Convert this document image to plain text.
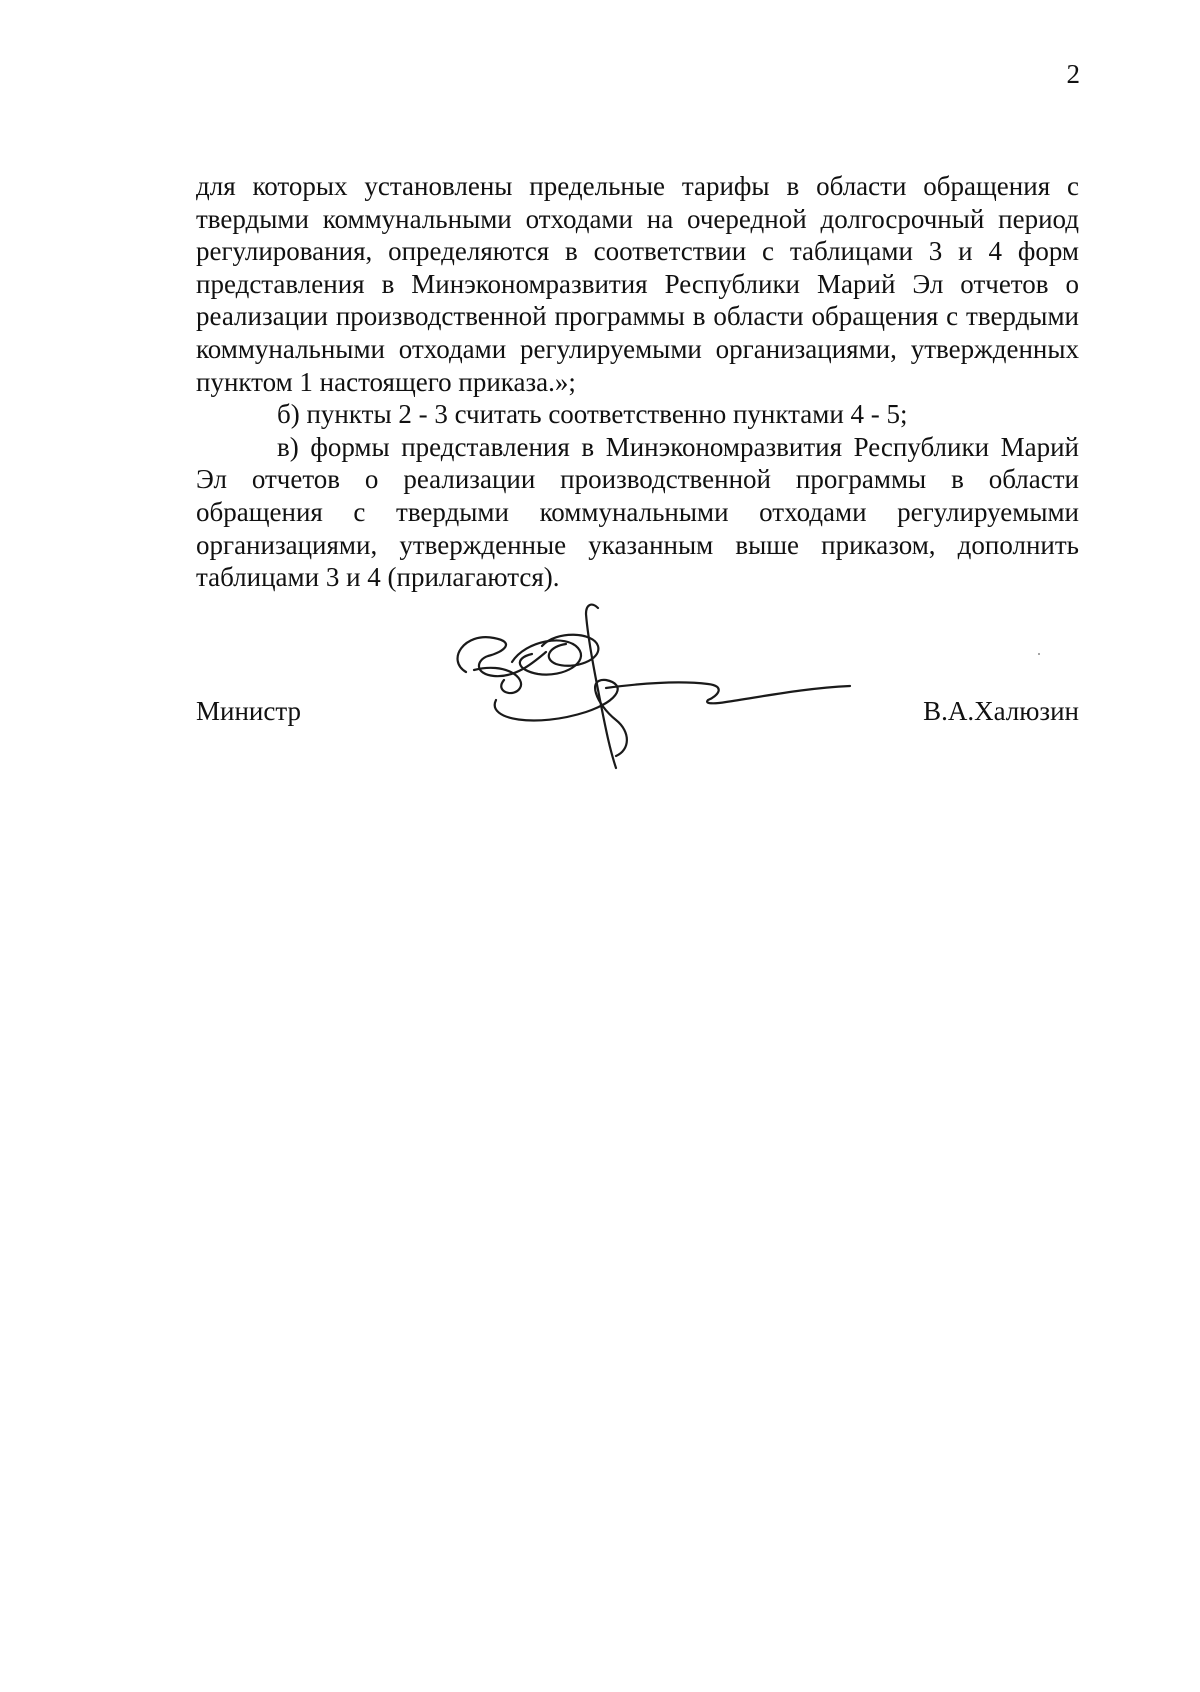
2

для которых установлены предельные тарифы в области обращения с твердыми коммунальными отходами на очередной долгосрочный период регулирования, определяются в соответствии с таблицами 3 и 4 форм представления в Минэкономразвития Республики Марий Эл отчетов о реализации производственной программы в области обращения с твердыми коммунальными отходами регулируемыми организациями, утвержденных пунктом 1 настоящего приказа.»;

б) пункты 2 - 3 считать соответственно пунктами 4 - 5;

в) формы представления в Минэкономразвития Республики Марий Эл отчетов о реализации производственной программы в области обращения с твердыми коммунальными отходами регулируемыми организациями, утвержденные указанным выше приказом, дополнить таблицами 3 и 4 (прилагаются).

Министр	В.А.Халюзин
